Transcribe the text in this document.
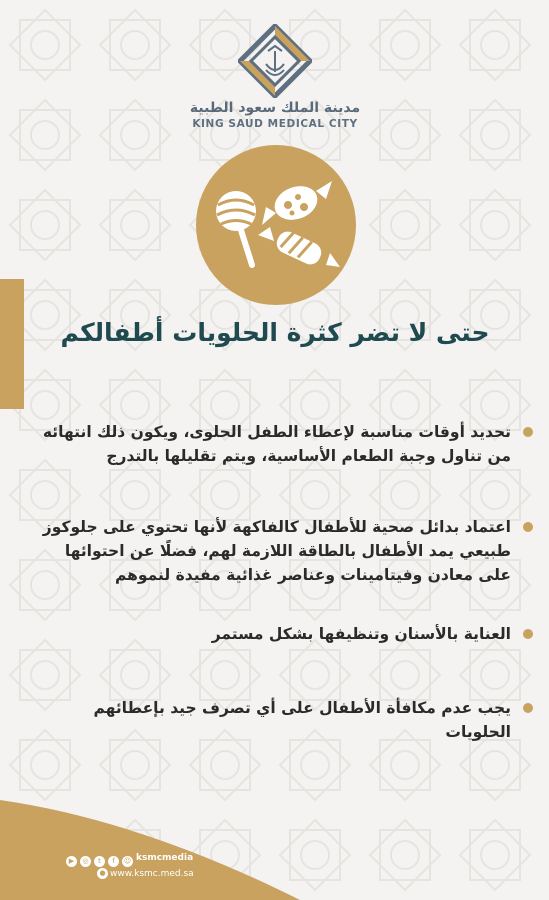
مدينة الملك سعود الطبية
KING SAUD MEDICAL CITY
حتى لا تضر كثرة الحلويات أطفالكم
تحديد أوقات مناسبة لإعطاء الطفل الحلوى، ويكون ذلك انتهائه من تناول وجبة الطعام الأساسية، ويتم تقليلها بالتدرج
اعتماد بدائل صحية للأطفال كالفاكهة لأنها تحتوي على جلوكوز طبيعي يمد الأطفال بالطاقة اللازمة لهم، فضلًا عن احتوائها على معادن وفيتامينات وعناصر غذائية مفيدة لنموهم
العناية بالأسنان وتنظيفها بشكل مستمر
يجب عدم مكافأة الأطفال على أي تصرف جيد بإعطائهم الحلويات
▶	◎	t	f	☺ ksmcmedia
● www.ksmc.med.sa
